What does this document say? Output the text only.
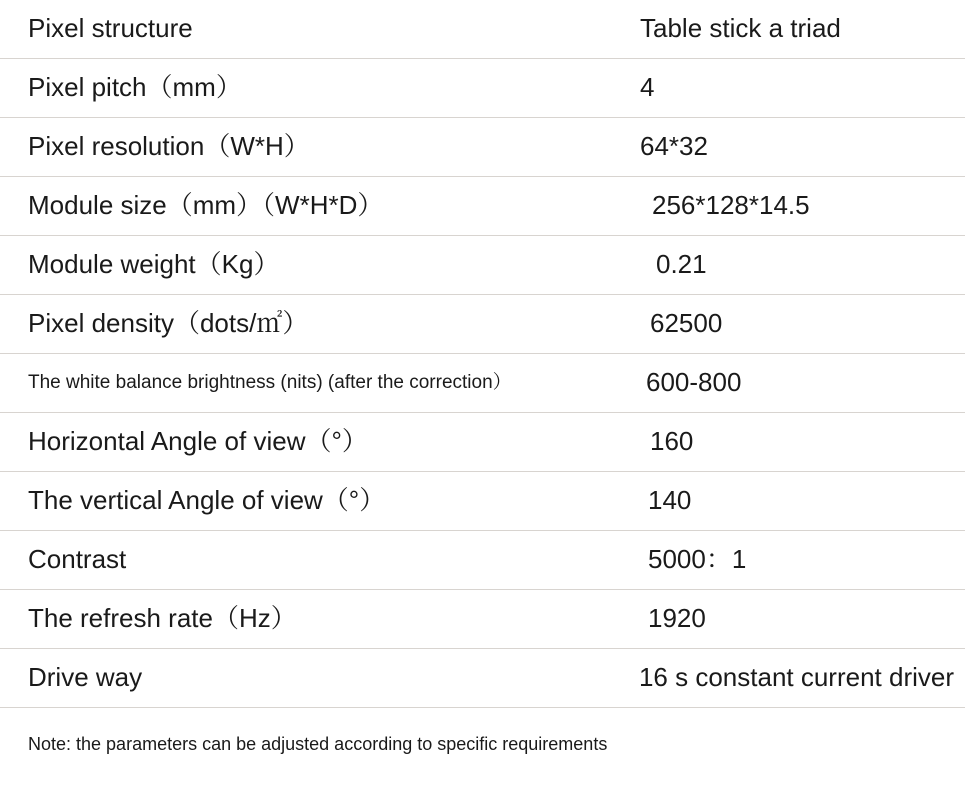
Pixel structure	Table stick a triad
Pixel pitch（mm）	4
Pixel resolution（W*H）	64*32
Module size（mm）（W*H*D）	256*128*14.5
Module weight（Kg）	0.21
Pixel density（dots/㎡）	62500
The white balance brightness (nits) (after the correction）	600-800
Horizontal Angle of view（°）	160
The vertical Angle of view（°）	140
Contrast	5000：1
The refresh rate（Hz）	1920
Drive way	16 s constant current driver
Note: the parameters can be adjusted according to specific requirements	
